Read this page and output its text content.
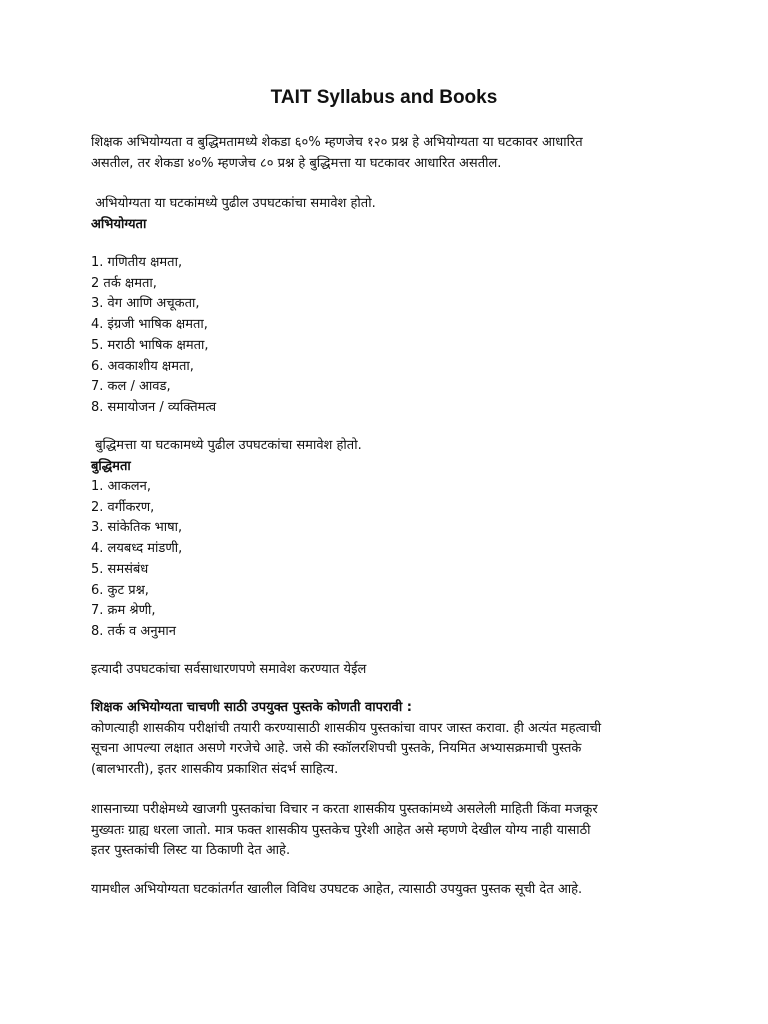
TAIT Syllabus and Books

शिक्षक अभियोग्यता व बुद्धिमतामध्ये शेकडा ६०% म्हणजेच १२० प्रश्न हे अभियोग्यता या घटकावर आधारित

असतील, तर शेकडा ४०% म्हणजेच ८० प्रश्न हे बुद्धिमत्ता या घटकावर आधारित असतील.

अभियोग्यता या घटकांमध्ये पुढील उपघटकांचा समावेश होतो.

अभियोग्यता

1. गणितीय क्षमता,
2 तर्क क्षमता,
3. वेग आणि अचूकता,
4. इंग्रजी भाषिक क्षमता,
5. मराठी भाषिक क्षमता,
6. अवकाशीय क्षमता,
7. कल / आवड,
8. समायोजन / व्यक्तिमत्व

बुद्धिमत्ता या घटकामध्ये पुढील उपघटकांचा समावेश होतो.

बुद्धिमता

1. आकलन,
2. वर्गीकरण,
3. सांकेतिक भाषा,
4. लयबध्द मांडणी,
5. समसंबंध
6. कुट प्रश्न,
7. क्रम श्रेणी,
8. तर्क व अनुमान

इत्यादी उपघटकांचा सर्वसाधारणपणे समावेश करण्यात येईल

शिक्षक अभियोग्यता चाचणी साठी उपयुक्त पुस्तके कोणती वापरावी :

कोणत्याही शासकीय परीक्षांची तयारी करण्यासाठी शासकीय पुस्तकांचा वापर जास्त करावा. ही अत्यंत महत्वाची

सूचना आपल्या लक्षात असणे गरजेचे आहे. जसे की स्कॉलरशिपची पुस्तके, नियमित अभ्यासक्रमाची पुस्तके

(बालभारती), इतर शासकीय प्रकाशित संदर्भ साहित्य.

शासनाच्या परीक्षेमध्ये खाजगी पुस्तकांचा विचार न करता शासकीय पुस्तकांमध्ये असलेली माहिती किंवा मजकूर

मुख्यतः ग्राह्य धरला जातो. मात्र फक्त शासकीय पुस्तकेच पुरेशी आहेत असे म्हणणे देखील योग्य नाही यासाठी

इतर पुस्तकांची लिस्ट या ठिकाणी देत आहे.

यामधील अभियोग्यता घटकांतर्गत खालील विविध उपघटक आहेत, त्यासाठी उपयुक्त पुस्तक सूची देत आहे.
